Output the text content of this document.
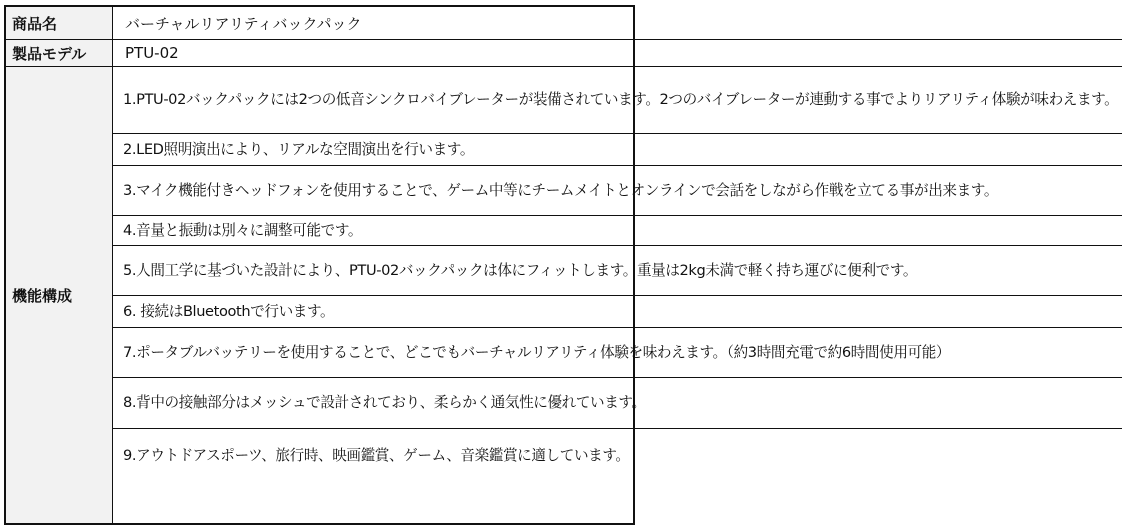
商品名	バーチャルリアリティバックパック
製品モデル	PTU-02
機能構成
1.PTU-02バックパックには2つの低音シンクロバイブレーターが装備されています。2つのバイブレーターが連動する事でよりリアリティ体験が味わえます。
2.LED照明演出により、リアルな空間演出を行います。
3.マイク機能付きヘッドフォンを使用することで、ゲーム中等にチームメイトとオンラインで会話をしながら作戦を立てる事が出来ます。
4.音量と振動は別々に調整可能です。
5.人間工学に基づいた設計により、PTU-02バックパックは体にフィットします。重量は2kg未満で軽く持ち運びに便利です。
6. 接続はBluetoothで行います。
7.ポータブルバッテリーを使用することで、どこでもバーチャルリアリティ体験を味わえます。（約3時間充電で約6時間使用可能）
8.背中の接触部分はメッシュで設計されており、柔らかく通気性に優れています。
9.アウトドアスポーツ、旅行時、映画鑑賞、ゲーム、音楽鑑賞に適しています。
